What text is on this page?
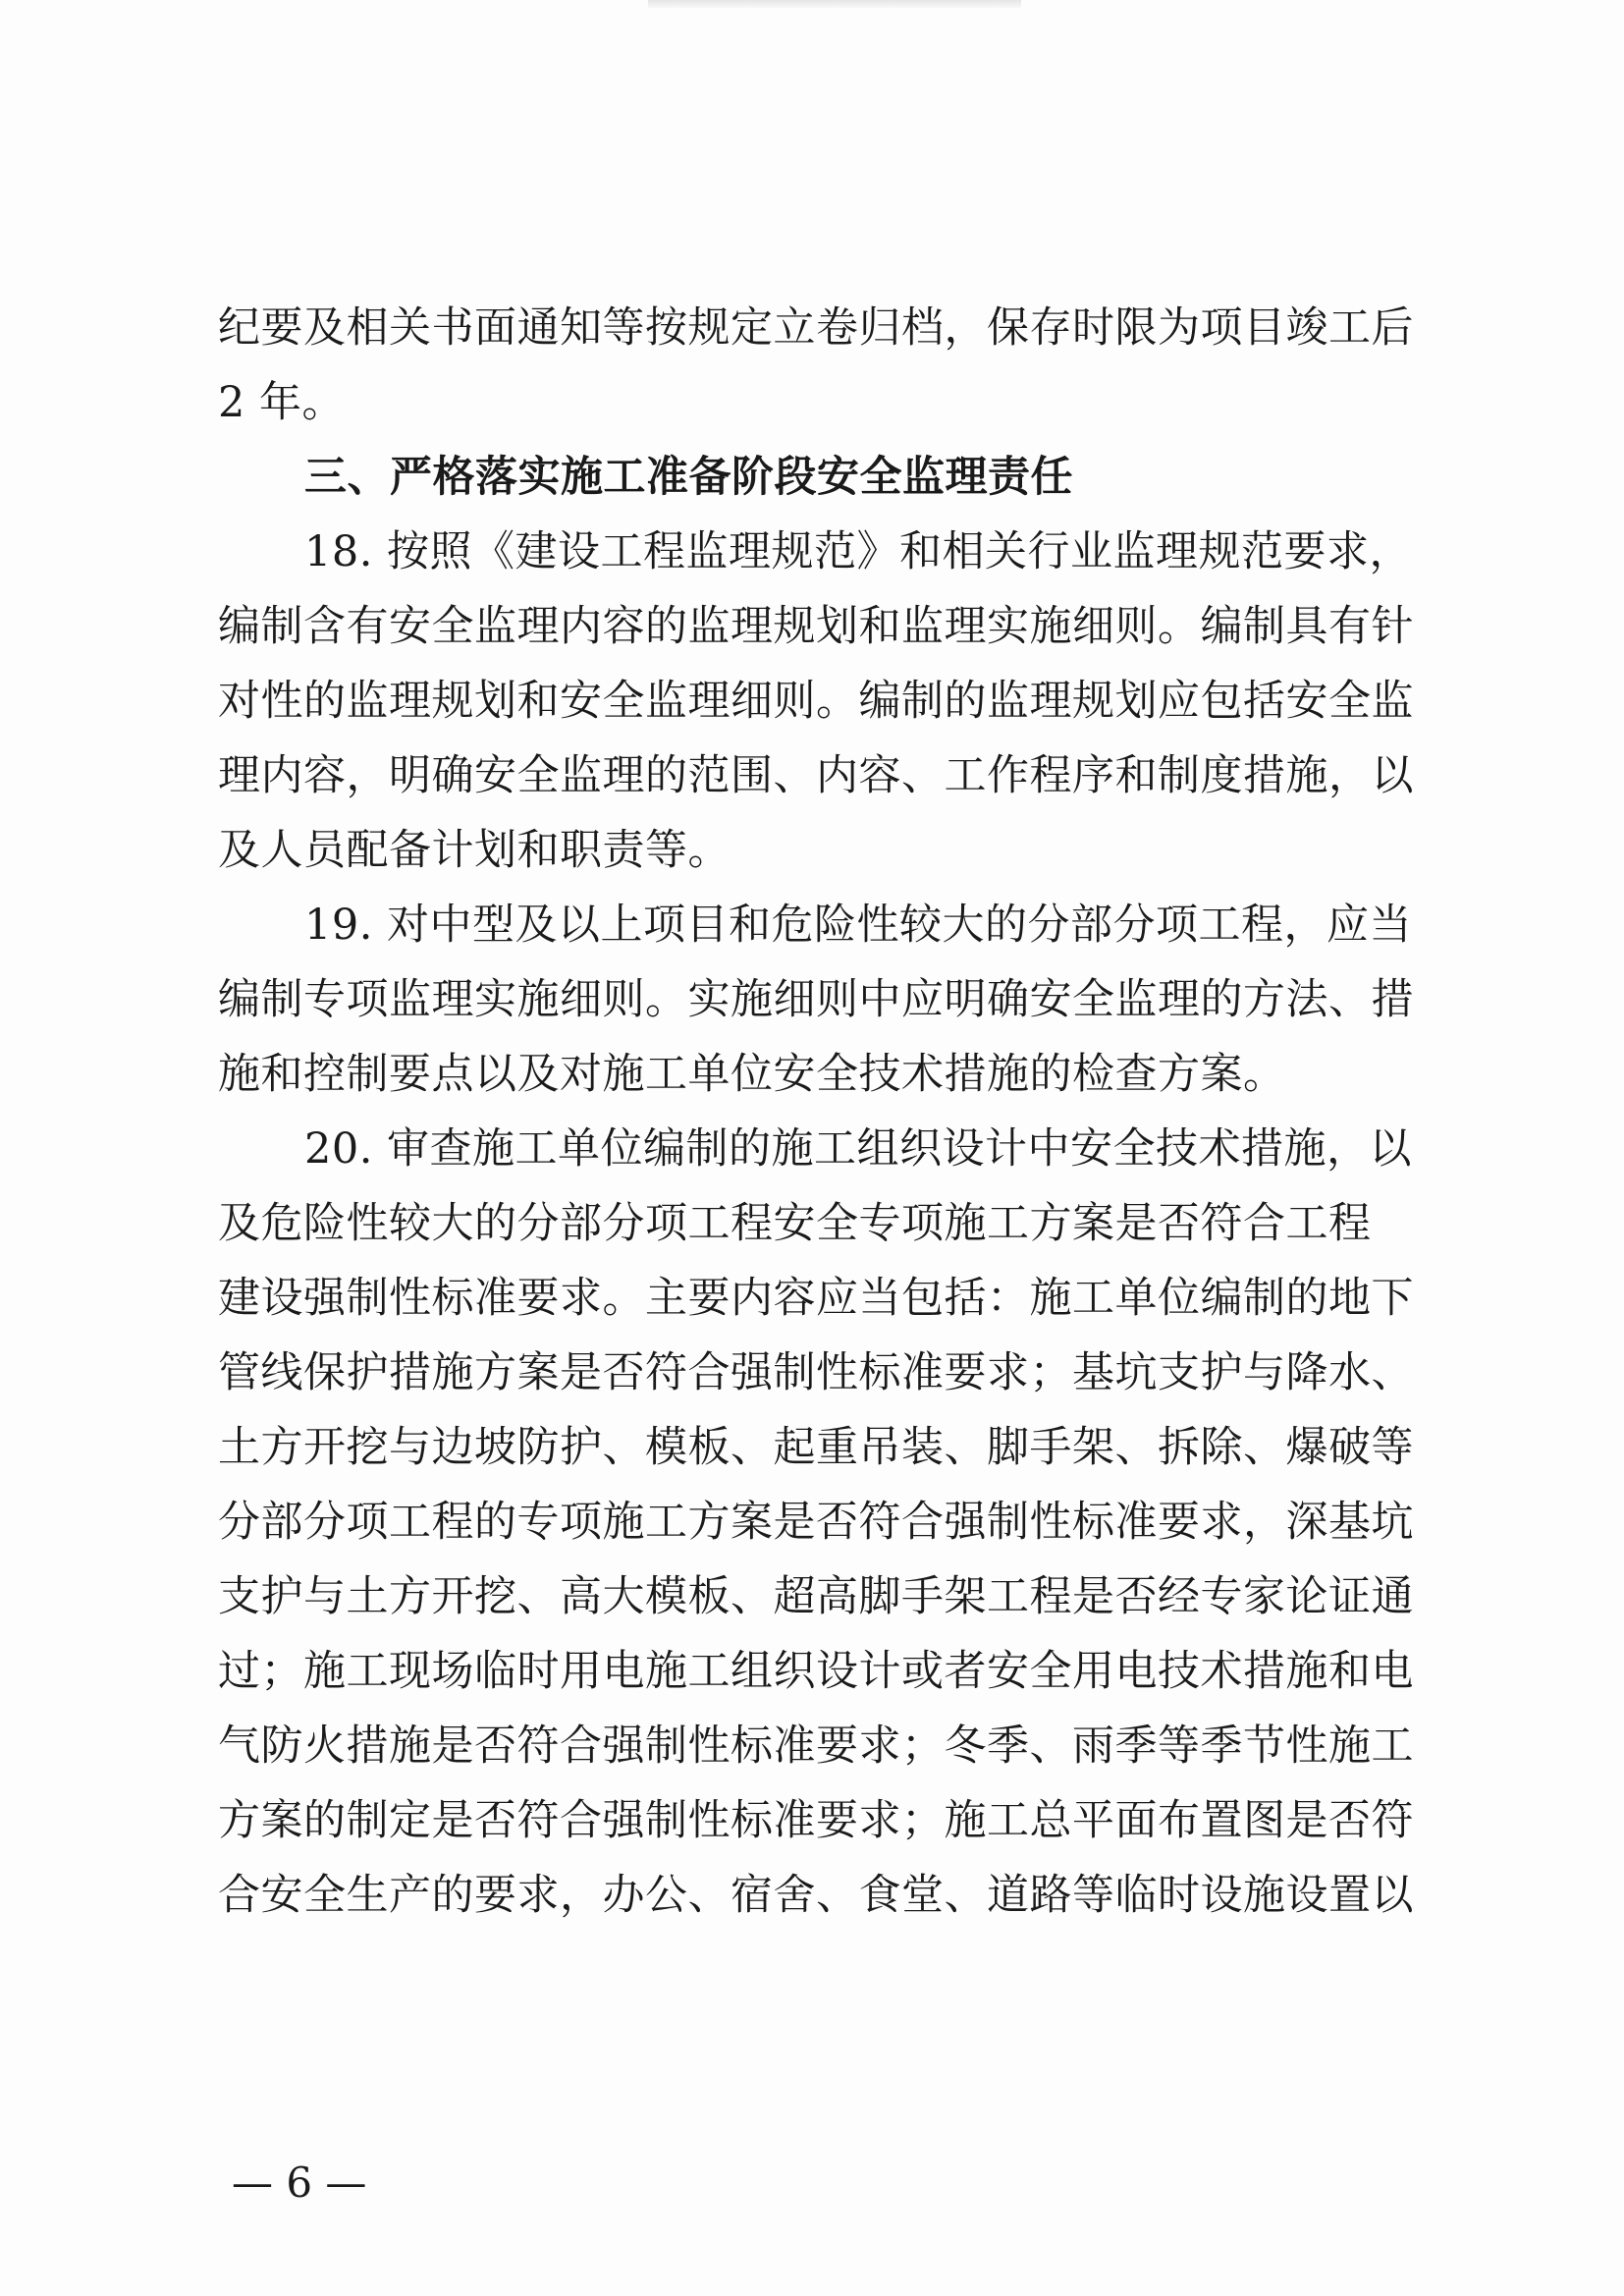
纪要及相关书面通知等按规定立卷归档，保存时限为项目竣工后
2 年。
三、严格落实施工准备阶段安全监理责任
18. 按照《建设工程监理规范》和相关行业监理规范要求，
编制含有安全监理内容的监理规划和监理实施细则。编制具有针
对性的监理规划和安全监理细则。编制的监理规划应包括安全监
理内容，明确安全监理的范围、内容、工作程序和制度措施，以
及人员配备计划和职责等。
19. 对中型及以上项目和危险性较大的分部分项工程，应当
编制专项监理实施细则。实施细则中应明确安全监理的方法、措
施和控制要点以及对施工单位安全技术措施的检查方案。
20. 审查施工单位编制的施工组织设计中安全技术措施，以
及危险性较大的分部分项工程安全专项施工方案是否符合工程
建设强制性标准要求。主要内容应当包括：施工单位编制的地下
管线保护措施方案是否符合强制性标准要求；基坑支护与降水、
土方开挖与边坡防护、模板、起重吊装、脚手架、拆除、爆破等
分部分项工程的专项施工方案是否符合强制性标准要求，深基坑
支护与土方开挖、高大模板、超高脚手架工程是否经专家论证通
过；施工现场临时用电施工组织设计或者安全用电技术措施和电
气防火措施是否符合强制性标准要求；冬季、雨季等季节性施工
方案的制定是否符合强制性标准要求；施工总平面布置图是否符
合安全生产的要求，办公、宿舍、食堂、道路等临时设施设置以
— 6 —
